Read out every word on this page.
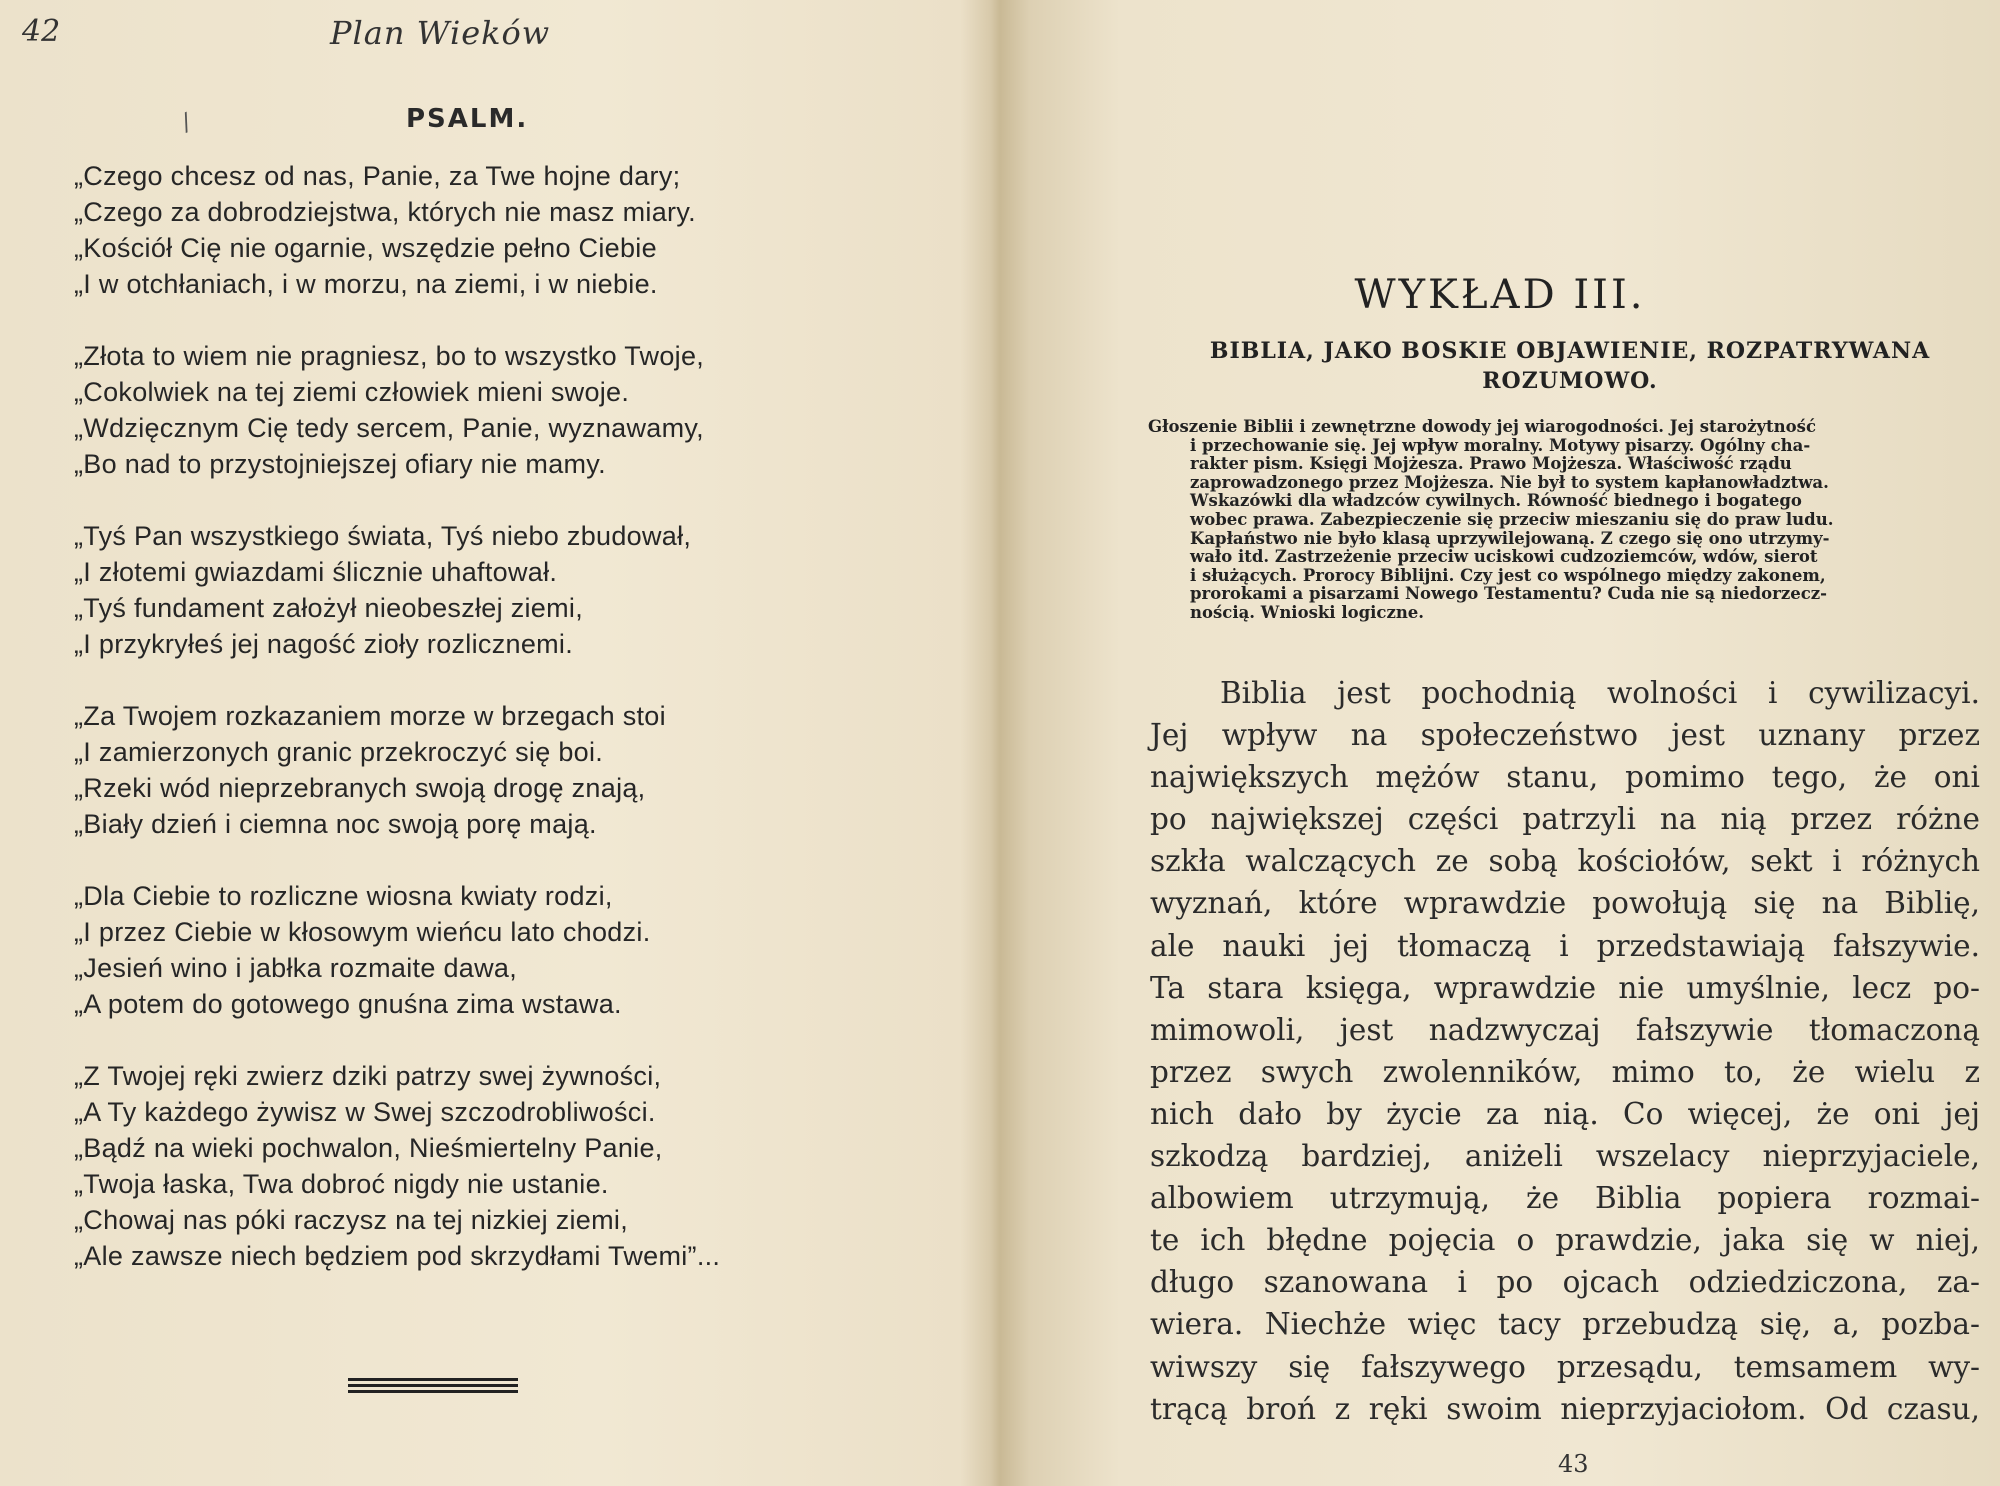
42	Plan Wieków
/	PSALM.
„Czego chcesz od nas, Panie, za Twe hojne dary;
„Czego za dobrodziejstwa, których nie masz miary.
„Kościół Cię nie ogarnie, wszędzie pełno Ciebie
„I w otchłaniach, i w morzu, na ziemi, i w niebie.
„Złota to wiem nie pragniesz, bo to wszystko Twoje,
„Cokolwiek na tej ziemi człowiek mieni swoje.
„Wdzięcznym Cię tedy sercem, Panie, wyznawamy,
„Bo nad to przystojniejszej ofiary nie mamy.
„Tyś Pan wszystkiego świata, Tyś niebo zbudował,
„I złotemi gwiazdami ślicznie uhaftował.
„Tyś fundament założył nieobeszłej ziemi,
„I przykryłeś jej nagość zioły rozlicznemi.
„Za Twojem rozkazaniem morze w brzegach stoi
„I zamierzonych granic przekroczyć się boi.
„Rzeki wód nieprzebranych swoją drogę znają,
„Biały dzień i ciemna noc swoją porę mają.
„Dla Ciebie to rozliczne wiosna kwiaty rodzi,
„I przez Ciebie w kłosowym wieńcu lato chodzi.
„Jesień wino i jabłka rozmaite dawa,
„A potem do gotowego gnuśna zima wstawa.
„Z Twojej ręki zwierz dziki patrzy swej żywności,
„A Ty każdego żywisz w Swej szczodrobliwości.
„Bądź na wieki pochwalon, Nieśmiertelny Panie,
„Twoja łaska, Twa dobroć nigdy nie ustanie.
„Chowaj nas póki raczysz na tej nizkiej ziemi,
„Ale zawsze niech będziem pod skrzydłami Twemi”...
WYKŁAD III.
BIBLIA, JAKO BOSKIE OBJAWIENIE, ROZPATRYWANA
ROZUMOWO.
Głoszenie Biblii i zewnętrzne dowody jej wiarogodności. Jej starożytność
i przechowanie się. Jej wpływ moralny. Motywy pisarzy. Ogólny cha-
rakter pism. Księgi Mojżesza. Prawo Mojżesza. Właściwość rządu
zaprowadzonego przez Mojżesza. Nie był to system kapłanowładztwa.
Wskazówki dla władzców cywilnych. Równość biednego i bogatego
wobec prawa. Zabezpieczenie się przeciw mieszaniu się do praw ludu.
Kapłaństwo nie było klasą uprzywilejowaną. Z czego się ono utrzymy-
wało itd. Zastrzeżenie przeciw uciskowi cudzoziemców, wdów, sierot
i służących. Prorocy Biblijni. Czy jest co wspólnego między zakonem,
prorokami a pisarzami Nowego Testamentu? Cuda nie są niedorzecz-
nością. Wnioski logiczne.
Biblia jest pochodnią wolności i cywilizacyi.
Jej wpływ na społeczeństwo jest uznany przez
największych mężów stanu, pomimo tego, że oni
po największej części patrzyli na nią przez różne
szkła walczących ze sobą kościołów, sekt i różnych
wyznań, które wprawdzie powołują się na Biblię,
ale nauki jej tłomaczą i przedstawiają fałszywie.
Ta stara księga, wprawdzie nie umyślnie, lecz po-
mimowoli, jest nadzwyczaj fałszywie tłomaczoną
przez swych zwolenników, mimo to, że wielu z
nich dało by życie za nią. Co więcej, że oni jej
szkodzą bardziej, aniżeli wszelacy nieprzyjaciele,
albowiem utrzymują, że Biblia popiera rozmai-
te ich błędne pojęcia o prawdzie, jaka się w niej,
długo szanowana i po ojcach odziedziczona, za-
wiera. Niechże więc tacy przebudzą się, a, pozba-
wiwszy się fałszywego przesądu, temsamem wy-
trącą broń z ręki swoim nieprzyjaciołom. Od czasu,
43
